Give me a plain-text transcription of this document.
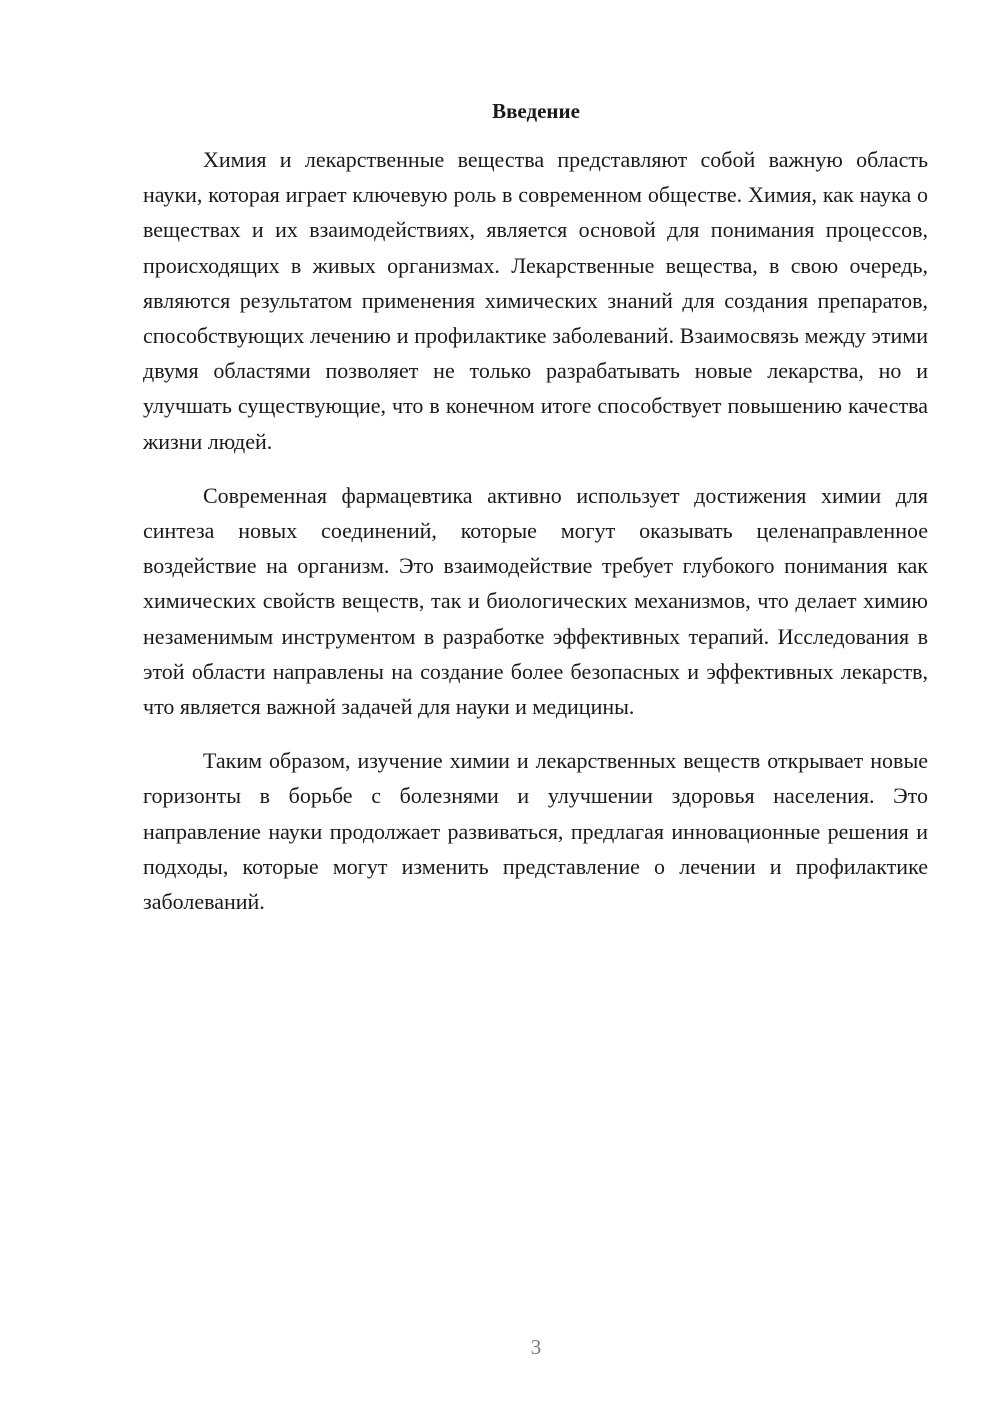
Введение

Химия и лекарственные вещества представляют собой важную область науки, которая играет ключевую роль в современном обществе. Химия, как наука о веществах и их взаимодействиях, является основой для понимания процессов, происходящих в живых организмах. Лекарственные вещества, в свою очередь, являются результатом применения химических знаний для создания препаратов, способствующих лечению и профилактике заболеваний. Взаимосвязь между этими двумя областями позволяет не только разрабатывать новые лекарства, но и улучшать существующие, что в конечном итоге способствует повышению качества жизни людей.

Современная фармацевтика активно использует достижения химии для синтеза новых соединений, которые могут оказывать целенаправленное воздействие на организм. Это взаимодействие требует глубокого понимания как химических свойств веществ, так и биологических механизмов, что делает химию незаменимым инструментом в разработке эффективных терапий. Исследования в этой области направлены на создание более безопасных и эффективных лекарств, что является важной задачей для науки и медицины.

Таким образом, изучение химии и лекарственных веществ открывает новые горизонты в борьбе с болезнями и улучшении здоровья населения. Это направление науки продолжает развиваться, предлагая инновационные решения и подходы, которые могут изменить представление о лечении и профилактике заболеваний.

3
